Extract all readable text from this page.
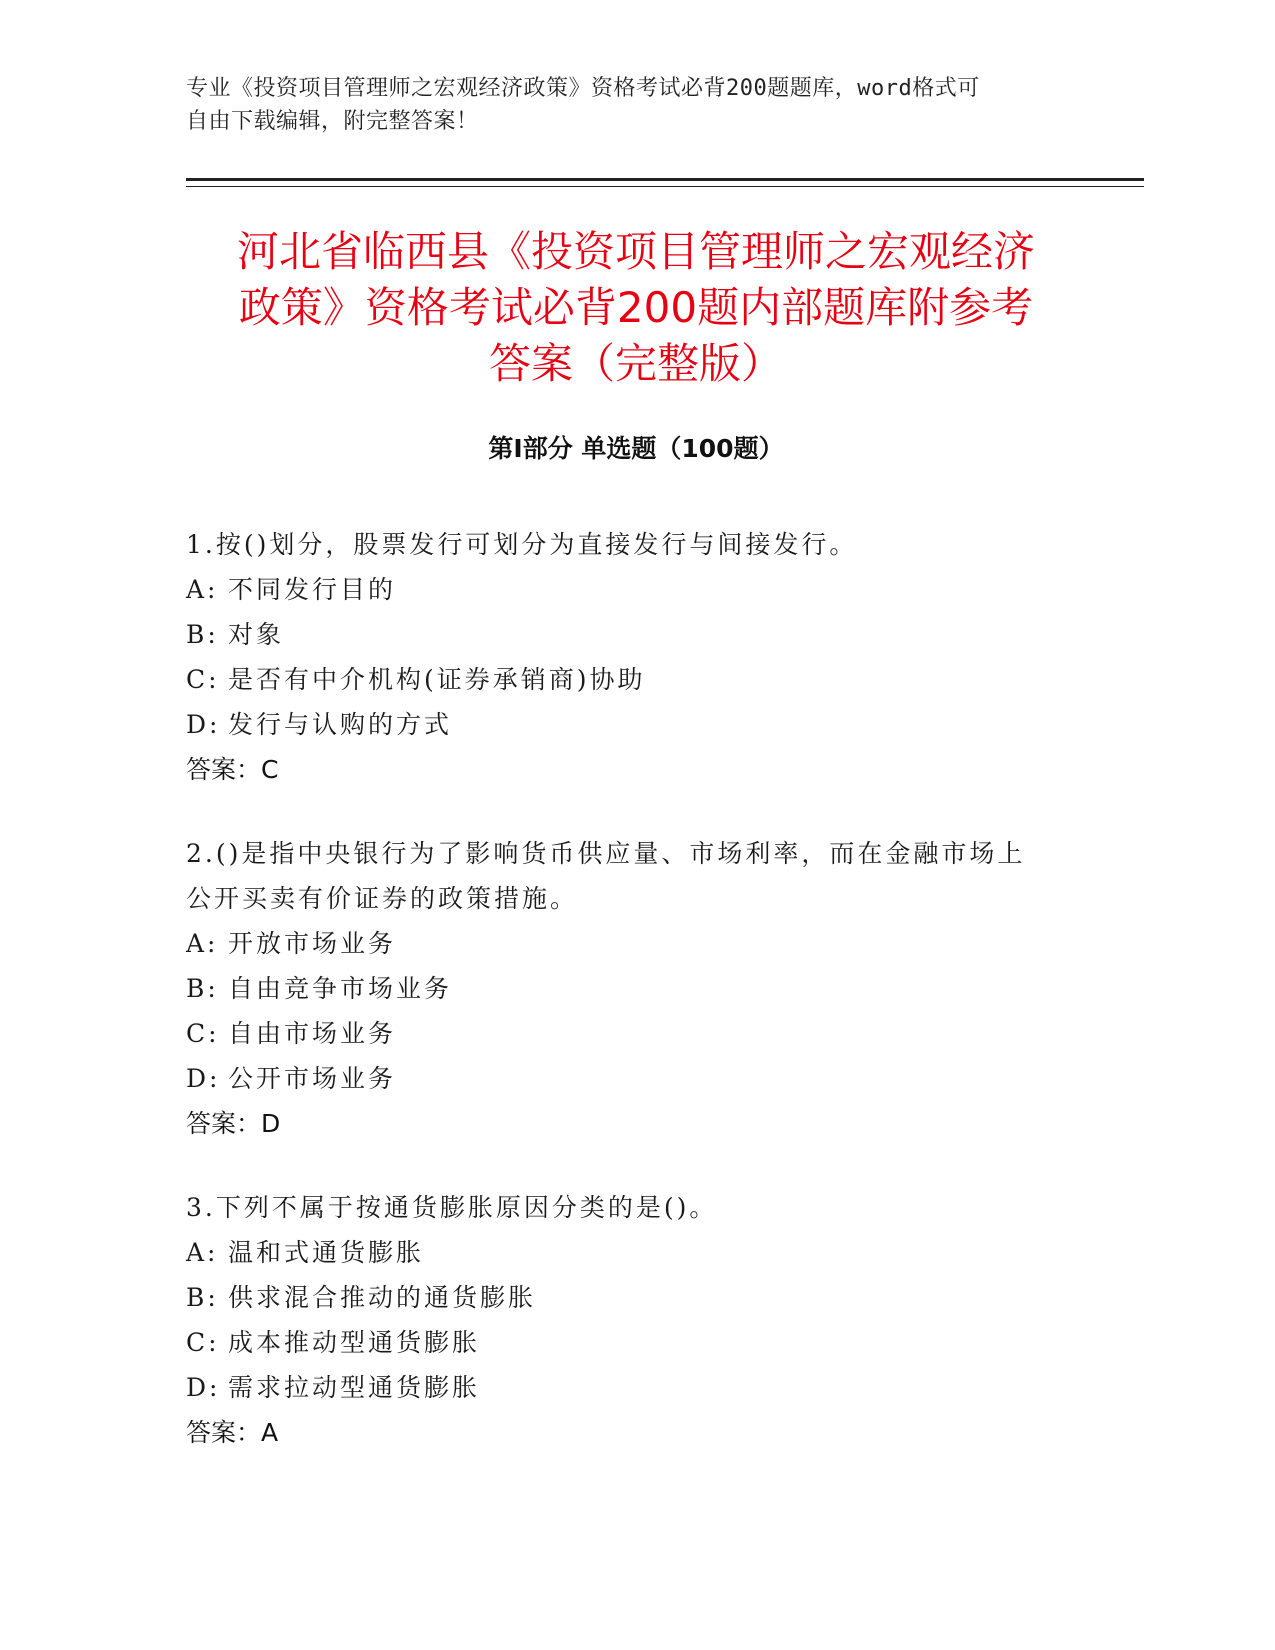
专业《投资项目管理师之宏观经济政策》资格考试必背200题题库，word格式可
自由下载编辑，附完整答案！
河北省临西县《投资项目管理师之宏观经济
政策》资格考试必背200题内部题库附参考
答案（完整版）
第Ⅰ部分 单选题（100题）
1.按()划分，股票发行可划分为直接发行与间接发行。
A: 不同发行目的
B: 对象
C: 是否有中介机构(证券承销商)协助
D: 发行与认购的方式
答案：C
2.()是指中央银行为了影响货币供应量、市场利率，而在金融市场上
公开买卖有价证券的政策措施。
A: 开放市场业务
B: 自由竞争市场业务
C: 自由市场业务
D: 公开市场业务
答案：D
3.下列不属于按通货膨胀原因分类的是()。
A: 温和式通货膨胀
B: 供求混合推动的通货膨胀
C: 成本推动型通货膨胀
D: 需求拉动型通货膨胀
答案：A
